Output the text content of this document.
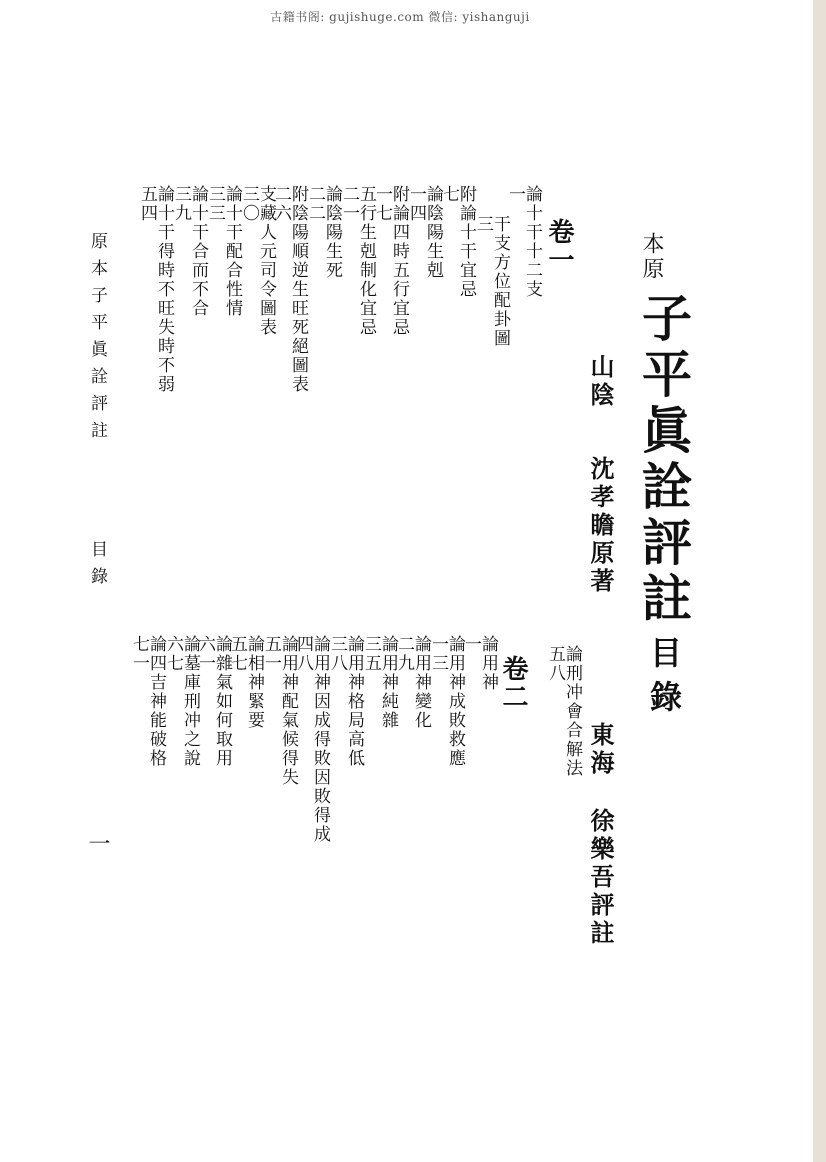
古籍书阁: gujishuge.com 微信: yishanguji
本原
子平眞詮評註
目錄
山陰
沈孝瞻原著
東海
徐樂吾評註
卷一
卷二 論刑冲會合解法
五八
論十干十二支
一
干支方位配卦圖
三
附論十干宜忌
七
論陰陽生剋
一四
附論四時五行宜忌
一七
五行生剋制化宜忌
二一
論陰陽生死
二二
附陰陽順逆生旺死絕圖表
二六
支藏人元司令圖表
三〇
論十干配合性情
三三
論十干合而不合
三九
論十干得時不旺失時不弱
五四
論用神
一
論用神成敗救應
一三
論用神變化
二九
論用神純雜
三五
論用神格局高低
三八
論用神因成得敗因敗得成
四八
論用神配氣候得失
五一
論相神緊要
五七
論雜氣如何取用
六一
論墓庫刑冲之說
六七
論四吉神能破格
七一
原本子平眞詮評註
目錄
一
